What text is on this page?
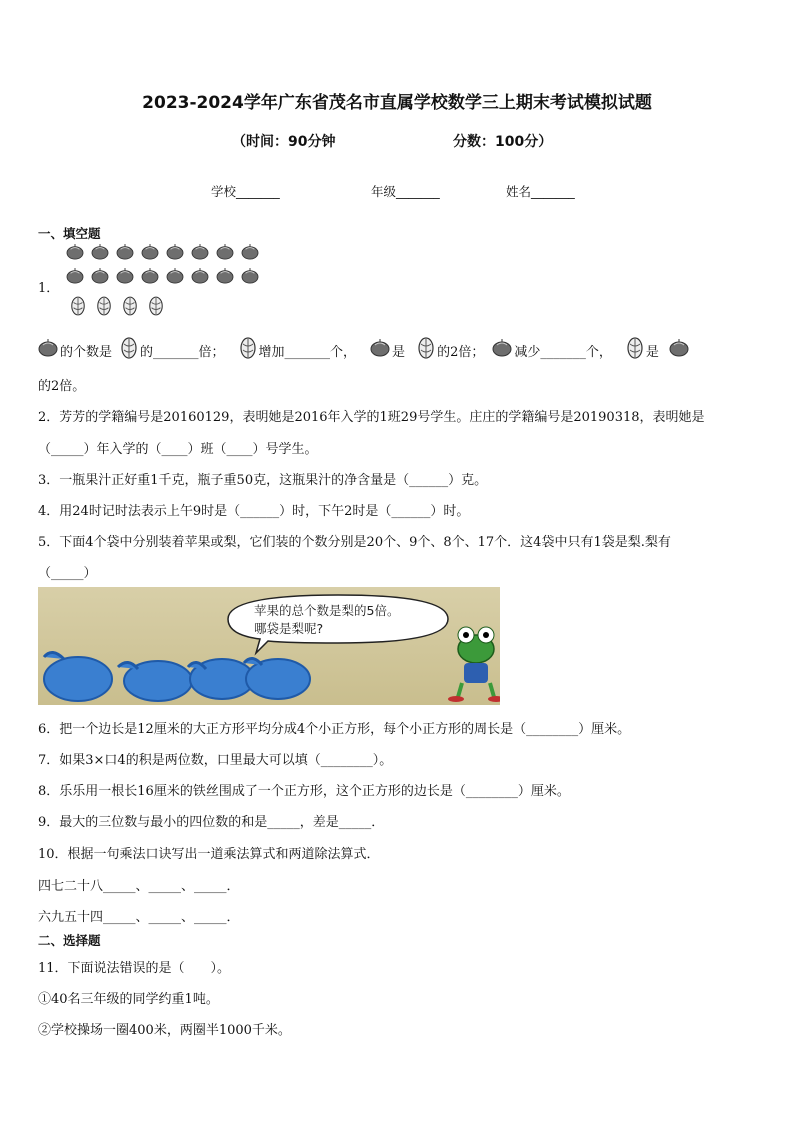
2023-2024学年广东省茂名市直属学校数学三上期末考试模拟试题
（时间：90分钟	分数：100分）
学校_______	年级_______	姓名_______
一、填空题
1．
的个数是 的_______倍；	增加_______个，	是 的2倍； 减少_______个，	是
的2倍。
2．芳芳的学籍编号是20160129，表明她是2016年入学的1班29号学生。庄庄的学籍编号是20190318，表明她是
（_____）年入学的（____）班（____）号学生。
3．一瓶果汁正好重1千克，瓶子重50克，这瓶果汁的净含量是（______）克。
4．用24时记时法表示上午9时是（______）时，下午2时是（______）时。
5．下面4个袋中分别装着苹果或梨，它们装的个数分别是20个、9个、8个、17个．这4袋中只有1袋是梨.梨有
（_____）
苹果的总个数是梨的5倍。
哪袋是梨呢?
6．把一个边长是12厘米的大正方形平均分成4个小正方形，每个小正方形的周长是（________）厘米。
7．如果3×口4的积是两位数，口里最大可以填（________）。
8．乐乐用一根长16厘米的铁丝围成了一个正方形，这个正方形的边长是（________）厘米。
9．最大的三位数与最小的四位数的和是_____，差是_____．
10．根据一句乘法口诀写出一道乘法算式和两道除法算式．
四七二十八_____、_____、_____．
六九五十四_____、_____、_____．
二、选择题
11．下面说法错误的是（　　）。
①40名三年级的同学约重1吨。
②学校操场一圈400米，两圈半1000千米。
